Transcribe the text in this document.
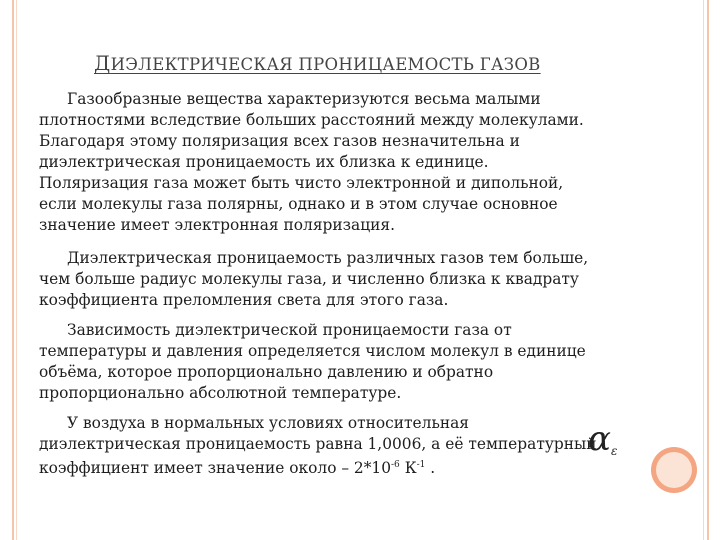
ДИЭЛЕКТРИЧЕСКАЯ ПРОНИЦАЕМОСТЬ ГАЗОВ
Газообразные вещества характеризуются весьма малыми
плотностями вследствие больших расстояний между молекулами.
Благодаря этому поляризация всех газов незначительна и
диэлектрическая проницаемость их близка к единице.
Поляризация газа может быть чисто электронной и дипольной,
если молекулы газа полярны, однако и в этом случае основное
значение имеет электронная поляризация.
Диэлектрическая проницаемость различных газов тем больше,
чем больше радиус молекулы газа, и численно близка к квадрату
коэффициента преломления света для этого газа.
Зависимость диэлектрической проницаемости газа от
температуры и давления определяется числом молекул в единице
объёма, которое пропорционально давлению и обратно
пропорционально абсолютной температуре.
У воздуха в нормальных условиях относительная
диэлектрическая проницаемость равна 1,0006, а её температурный
коэффициент имеет значение около – $2*10^{-6}$ $К^{-1}$ .
α ε
